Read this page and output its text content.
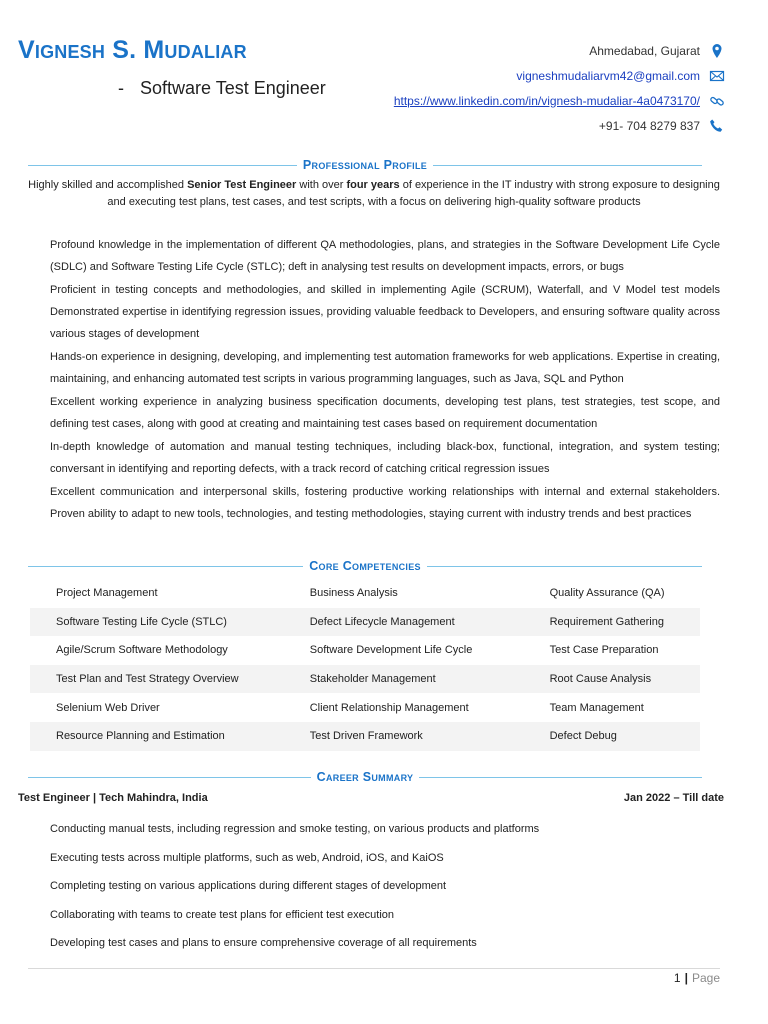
Vignesh S. Mudaliar
- Software Test Engineer
Ahmedabad, Gujarat
vigneshmudaliarvm42@gmail.com
https://www.linkedin.com/in/vignesh-mudaliar-4a0473170/
+91- 704 8279 837
Professional Profile
Highly skilled and accomplished Senior Test Engineer with over four years of experience in the IT industry with strong exposure to designing and executing test plans, test cases, and test scripts, with a focus on delivering high-quality software products
Profound knowledge in the implementation of different QA methodologies, plans, and strategies in the Software Development Life Cycle (SDLC) and Software Testing Life Cycle (STLC); deft in analysing test results on development impacts, errors, or bugs
Proficient in testing concepts and methodologies, and skilled in implementing Agile (SCRUM), Waterfall, and V Model test models Demonstrated expertise in identifying regression issues, providing valuable feedback to Developers, and ensuring software quality across various stages of development
Hands-on experience in designing, developing, and implementing test automation frameworks for web applications. Expertise in creating, maintaining, and enhancing automated test scripts in various programming languages, such as Java, SQL and Python
Excellent working experience in analyzing business specification documents, developing test plans, test strategies, test scope, and defining test cases, along with good at creating and maintaining test cases based on requirement documentation
In-depth knowledge of automation and manual testing techniques, including black-box, functional, integration, and system testing; conversant in identifying and reporting defects, with a track record of catching critical regression issues
Excellent communication and interpersonal skills, fostering productive working relationships with internal and external stakeholders. Proven ability to adapt to new tools, technologies, and testing methodologies, staying current with industry trends and best practices
Core Competencies
Project Management	Business Analysis	Quality Assurance (QA)
Software Testing Life Cycle (STLC)	Defect Lifecycle Management	Requirement Gathering
Agile/Scrum Software Methodology	Software Development Life Cycle	Test Case Preparation
Test Plan and Test Strategy Overview	Stakeholder Management	Root Cause Analysis
Selenium Web Driver	Client Relationship Management	Team Management
Resource Planning and Estimation	Test Driven Framework	Defect Debug
Career Summary
Test Engineer | Tech Mahindra, India	Jan 2022 – Till date
Conducting manual tests, including regression and smoke testing, on various products and platforms
Executing tests across multiple platforms, such as web, Android, iOS, and KaiOS
Completing testing on various applications during different stages of development
Collaborating with teams to create test plans for efficient test execution
Developing test cases and plans to ensure comprehensive coverage of all requirements
1 | Page
